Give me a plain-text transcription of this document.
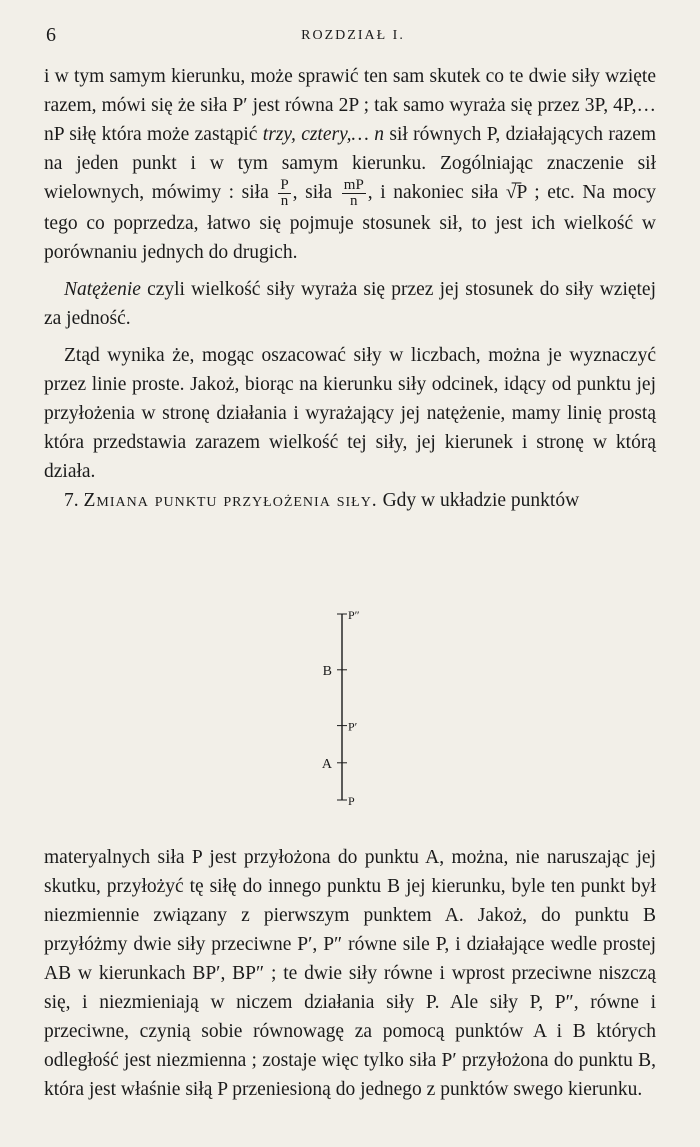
6	ROZDZIAŁ I.

i w tym samym kierunku, może sprawić ten sam skutek co te dwie siły wzięte razem, mówi się że siła P′ jest równa 2P ; tak samo wyraża się przez 3P, 4P,… nP siłę która może zastąpić trzy, cztery,… n sił równych P, działających razem na jeden punkt i w tym samym kierunku. Zogólniając znaczenie sił wielownych, mówimy : siła $\frac{P}{n}$ , siła $\frac{mP}{n}$ , i nakoniec siła √̅P ; etc. Na mocy tego co poprzedza, łatwo się pojmuje stosunek sił, to jest ich wielkość w porównaniu jednych do drugich.

Natężenie czyli wielkość siły wyraża się przez jej stosunek do siły wziętej za jedność.

Ztąd wynika że, mogąc oszacować siły w liczbach, można je wyznaczyć przez linie proste. Jakoż, biorąc na kierunku siły odcinek, idący od punktu jej przyłożenia w stronę działania i wyrażający jej natężenie, mamy linię prostą która przedstawia zarazem wielkość tej siły, jej kierunek i stronę w którą działa.

7. Zmiana punktu przyłożenia siły. Gdy w układzie punktów

P″
B
P′
A
P

materyalnych siła P jest przyłożona do punktu A, można, nie naruszając jej skutku, przyłożyć tę siłę do innego punktu B jej kierunku, byle ten punkt był niezmiennie związany z pierwszym punktem A. Jakoż, do punktu B przyłóżmy dwie siły przeciwne P′, P″ równe sile P, i działające wedle prostej AB w kierunkach BP′, BP″ ; te dwie siły równe i wprost przeciwne niszczą się, i niezmieniają w niczem działania siły P. Ale siły P, P″, równe i przeciwne, czynią sobie równowagę za pomocą punktów A i B których odległość jest niezmienna ; zostaje więc tylko siła P′ przyłożona do punktu B, która jest właśnie siłą P przeniesioną do jednego z punktów swego kierunku.
